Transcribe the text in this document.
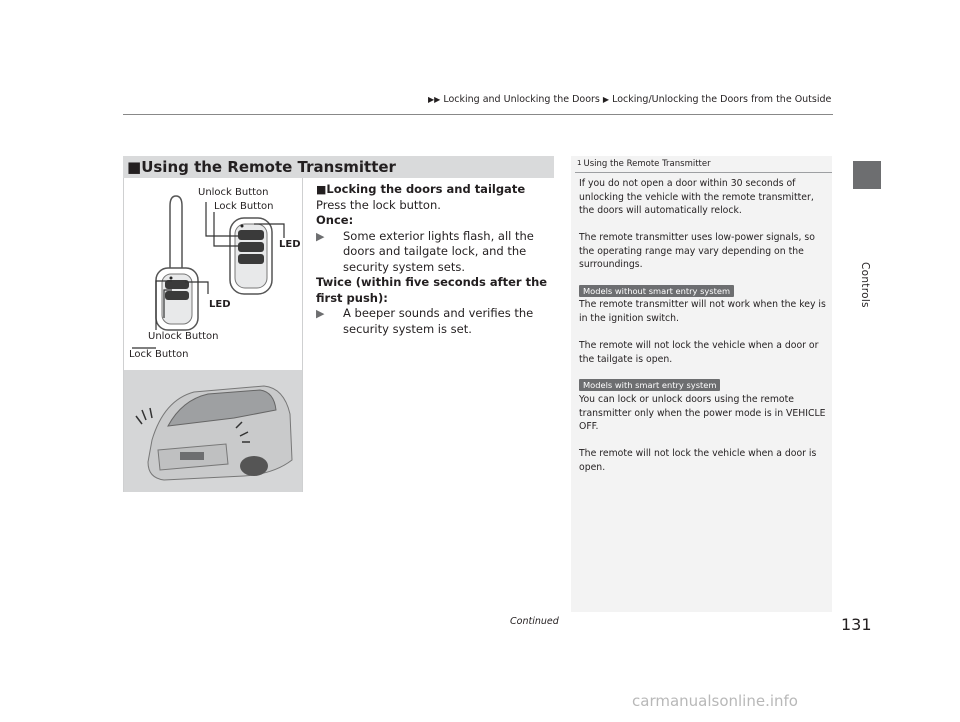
▶▶ Locking and Unlocking the Doors ▶ Locking/Unlocking the Doors from the Outside
Controls
■Using the Remote Transmitter
Unlock Button
Lock Button
LED
LED
Unlock Button
Lock Button
■Locking the doors and tailgate
Press the lock button.
Once:
▶	Some exterior lights flash, all the doors and tailgate lock, and the security system sets.
Twice (within five seconds after the first push):
▶	A beeper sounds and verifies the security system is set.
$^1$ Using the Remote Transmitter
If you do not open a door within 30 seconds of unlocking the vehicle with the remote transmitter, the doors will automatically relock.
The remote transmitter uses low-power signals, so the operating range may vary depending on the surroundings.
Models without smart entry system
The remote transmitter will not work when the key is in the ignition switch.
The remote will not lock the vehicle when a door or the tailgate is open.
Models with smart entry system
You can lock or unlock doors using the remote transmitter only when the power mode is in VEHICLE OFF.
The remote will not lock the vehicle when a door is open.
Continued	131
carmanualsonline.info
